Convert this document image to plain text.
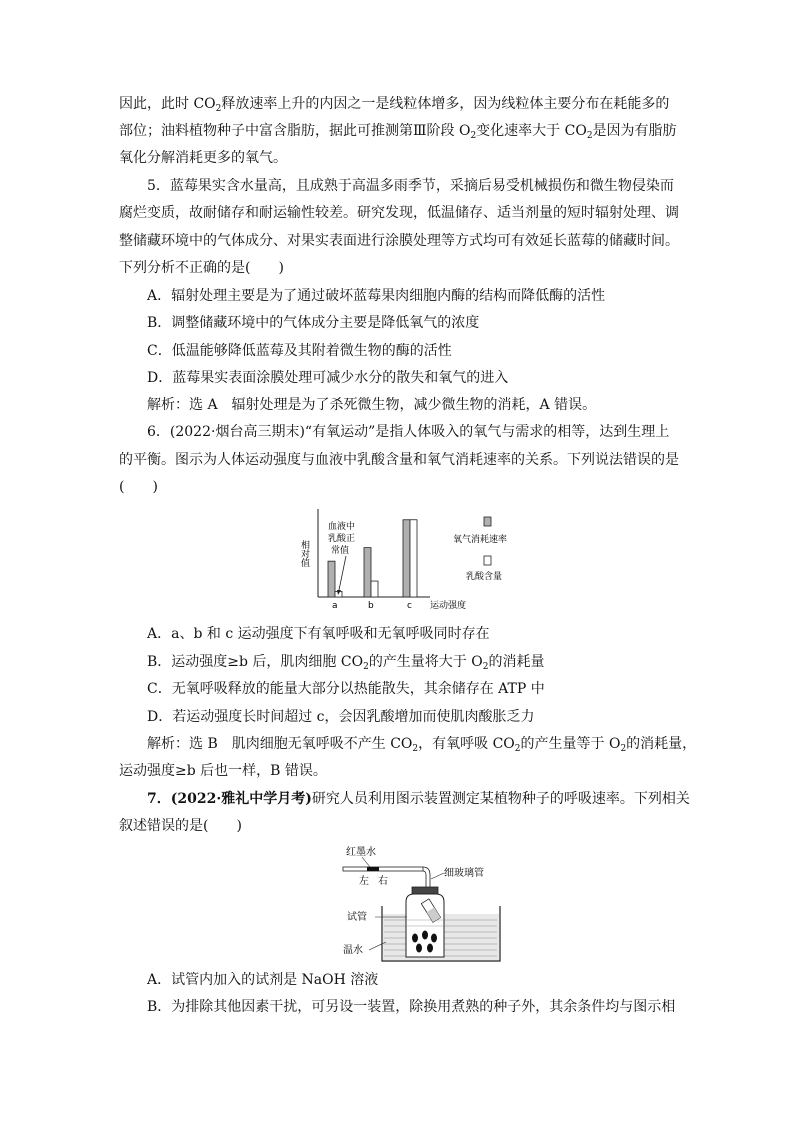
因此，此时 $CO_2$释放速率上升的内因之一是线粒体增多，因为线粒体主要分布在耗能多的
部位；油料植物种子中富含脂肪，据此可推测第Ⅲ阶段 $O_2$变化速率大于 $CO_2$是因为有脂肪
氧化分解消耗更多的氧气。
5．蓝莓果实含水量高，且成熟于高温多雨季节，采摘后易受机械损伤和微生物侵染而
腐烂变质，故耐储存和耐运输性较差。研究发现，低温储存、适当剂量的短时辐射处理、调
整储藏环境中的气体成分、对果实表面进行涂膜处理等方式均可有效延长蓝莓的储藏时间。
下列分析不正确的是(　　)
A．辐射处理主要是为了通过破坏蓝莓果肉细胞内酶的结构而降低酶的活性
B．调整储藏环境中的气体成分主要是降低氧气的浓度
C．低温能够降低蓝莓及其附着微生物的酶的活性
D．蓝莓果实表面涂膜处理可减少水分的散失和氧气的进入
解析：选 A　辐射处理是为了杀死微生物，减少微生物的消耗，A 错误。
6．(2022·烟台高三期末)“有氧运动”是指人体吸入的氧气与需求的相等，达到生理上
的平衡。图示为人体运动强度与血液中乳酸含量和氧气消耗速率的关系。下列说法错误的是
(　　)
相对值
a	b	c 运动强度
血液中
乳酸正
常值
氧气消耗速率
乳酸含量
A．a、b 和 c 运动强度下有氧呼吸和无氧呼吸同时存在
B．运动强度≥b 后，肌肉细胞 $CO_2$的产生量将大于 $O_2$的消耗量
C．无氧呼吸释放的能量大部分以热能散失，其余储存在 ATP 中
D．若运动强度长时间超过 c，会因乳酸增加而使肌肉酸胀乏力
解析：选 B　肌肉细胞无氧呼吸不产生 $CO_2$，有氧呼吸 $CO_2$的产生量等于 $O_2$的消耗量，
运动强度≥b 后也一样，B 错误。
7．(2022·雅礼中学月考)研究人员利用图示装置测定某植物种子的呼吸速率。下列相关
叙述错误的是(　　)
红墨水
左 右
细玻璃管
试管
温水
A．试管内加入的试剂是 NaOH 溶液
B．为排除其他因素干扰，可另设一装置，除换用煮熟的种子外，其余条件均与图示相
